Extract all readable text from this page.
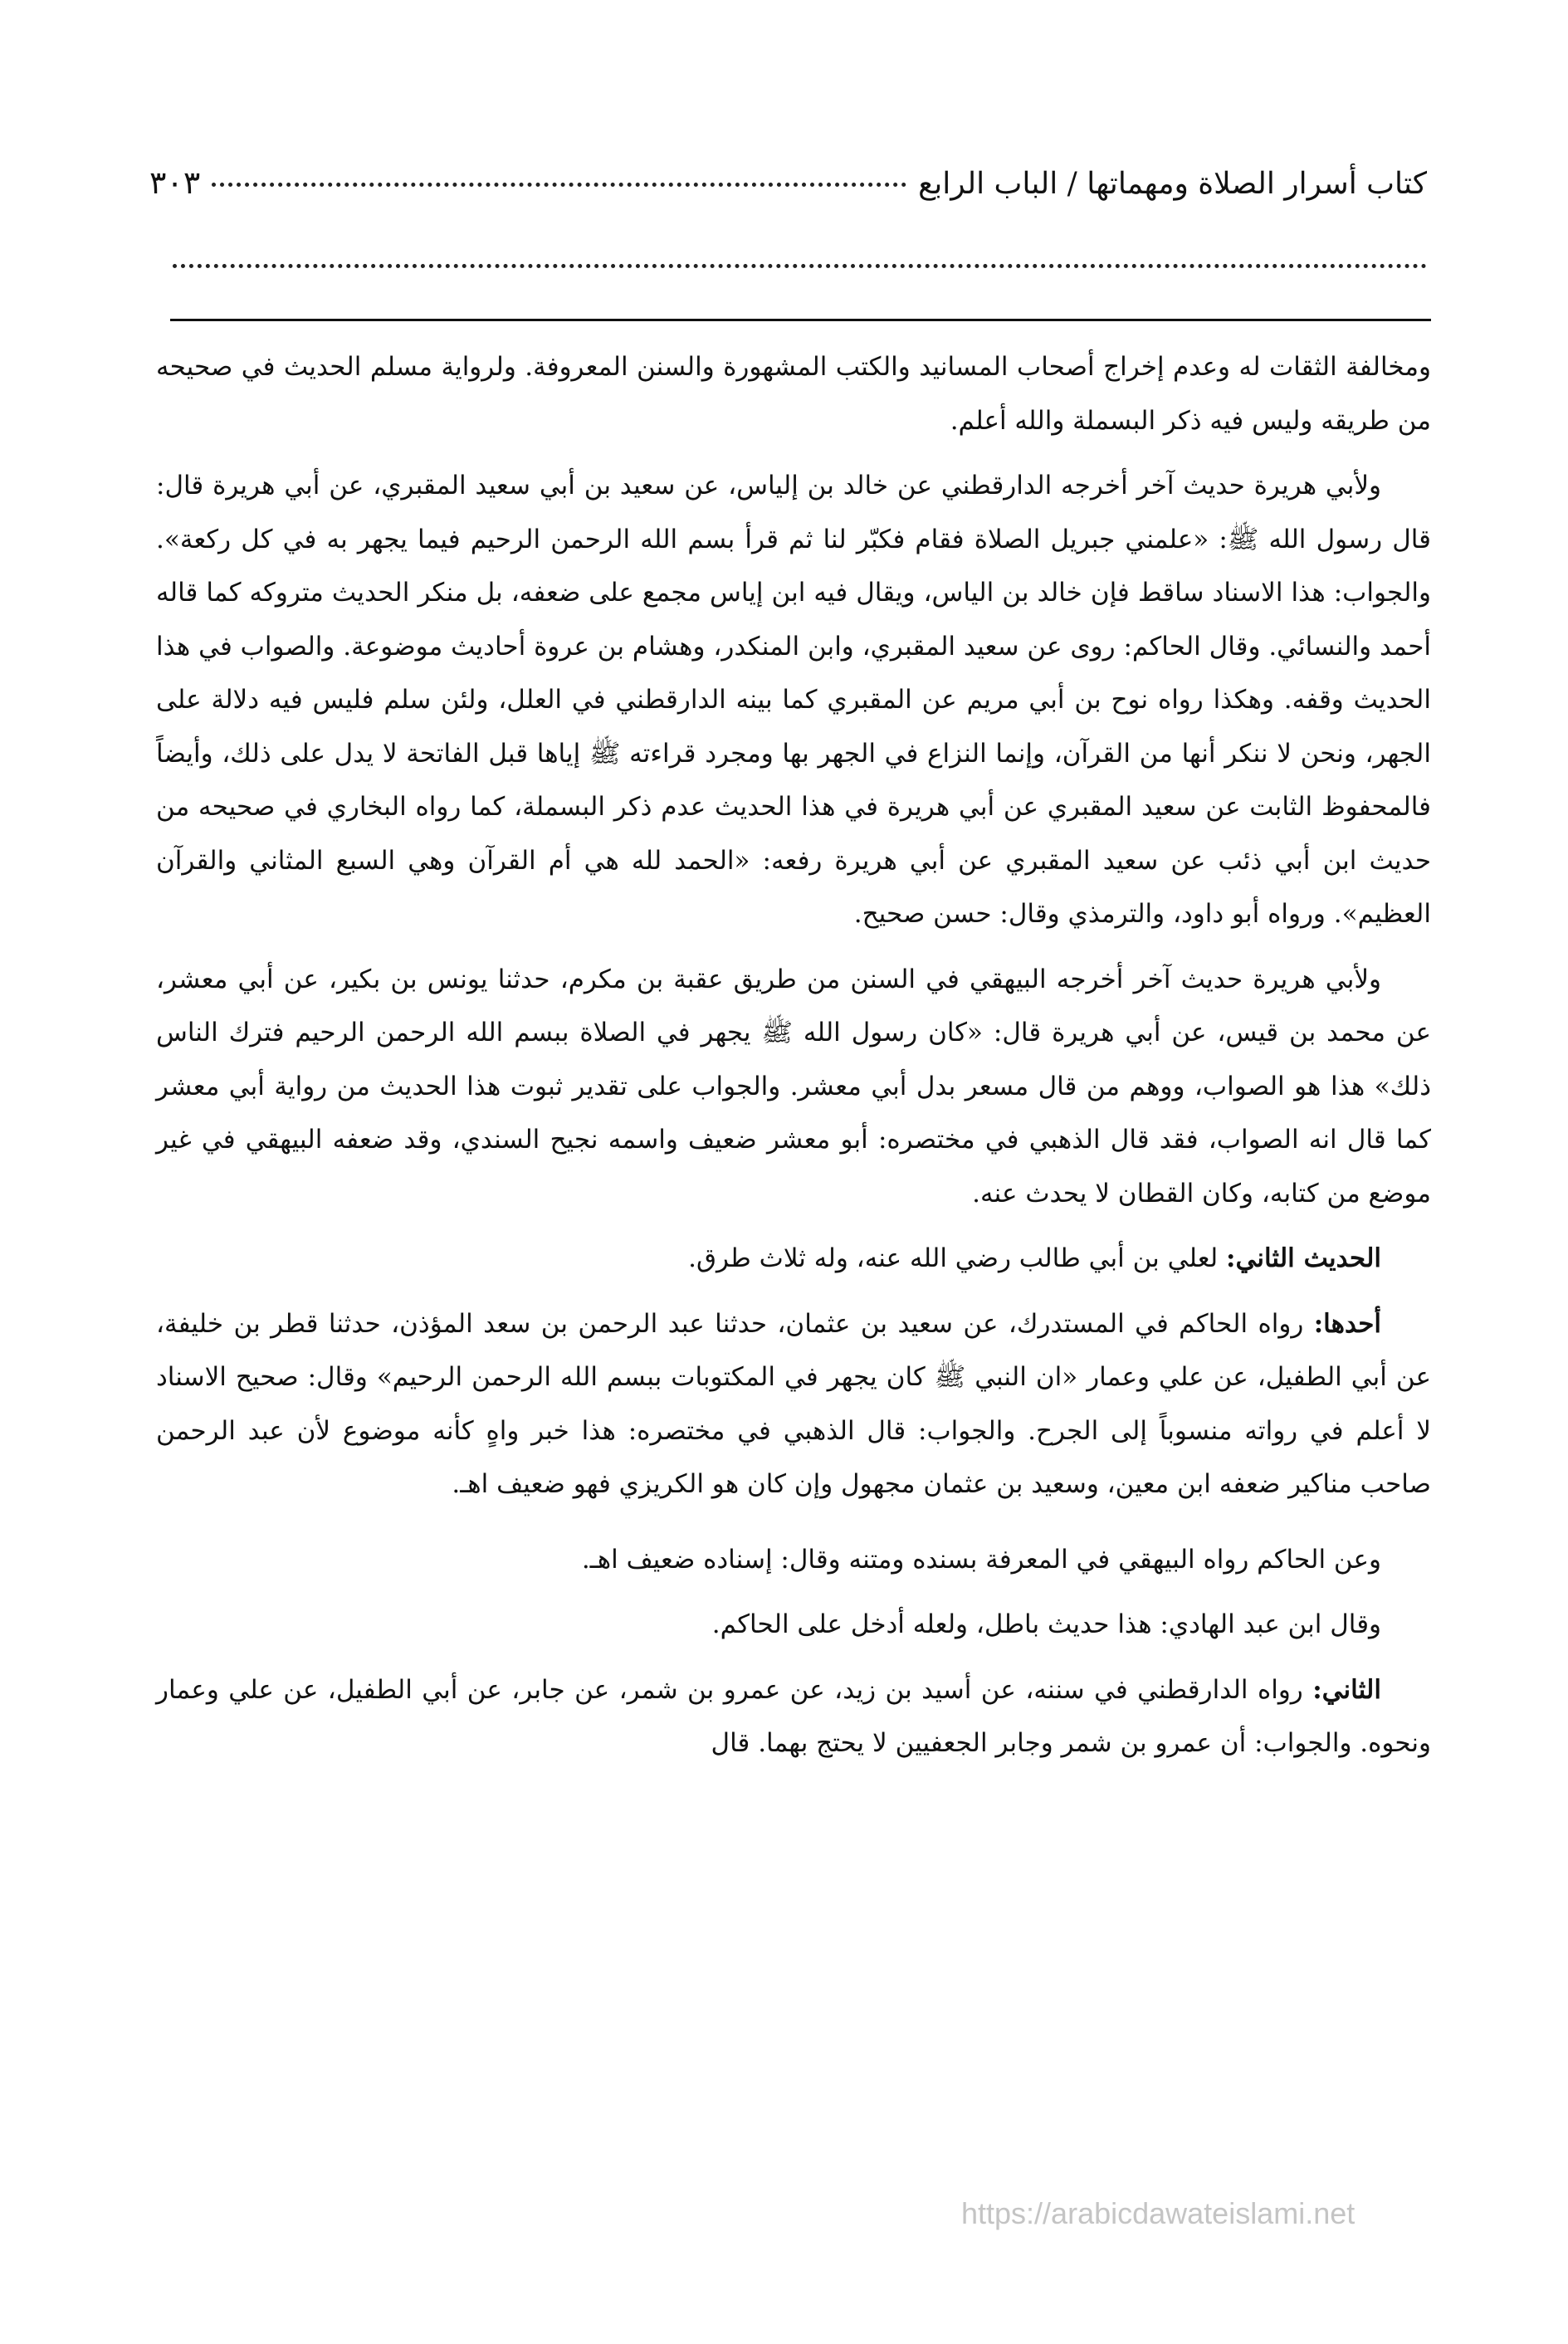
كتاب أسرار الصلاة ومهماتها / الباب الرابع
٣٠٣

ومخالفة الثقات له وعدم إخراج أصحاب المسانيد والكتب المشهورة والسنن المعروفة. ولرواية مسلم الحديث في صحيحه من طريقه وليس فيه ذكر البسملة والله أعلم.

ولأبي هريرة حديث آخر أخرجه الدارقطني عن خالد بن إلياس، عن سعيد بن أبي سعيد المقبري، عن أبي هريرة قال: قال رسول الله ﷺ: «علمني جبريل الصلاة فقام فكبّر لنا ثم قرأ بسم الله الرحمن الرحيم فيما يجهر به في كل ركعة». والجواب: هذا الاسناد ساقط فإن خالد بن الياس، ويقال فيه ابن إياس مجمع على ضعفه، بل منكر الحديث متروكه كما قاله أحمد والنسائي. وقال الحاكم: روى عن سعيد المقبري، وابن المنكدر، وهشام بن عروة أحاديث موضوعة. والصواب في هذا الحديث وقفه. وهكذا رواه نوح بن أبي مريم عن المقبري كما بينه الدارقطني في العلل، ولئن سلم فليس فيه دلالة على الجهر، ونحن لا ننكر أنها من القرآن، وإنما النزاع في الجهر بها ومجرد قراءته ﷺ إياها قبل الفاتحة لا يدل على ذلك، وأيضاً فالمحفوظ الثابت عن سعيد المقبري عن أبي هريرة في هذا الحديث عدم ذكر البسملة، كما رواه البخاري في صحيحه من حديث ابن أبي ذئب عن سعيد المقبري عن أبي هريرة رفعه: «الحمد لله هي أم القرآن وهي السبع المثاني والقرآن العظيم». ورواه أبو داود، والترمذي وقال: حسن صحيح.

ولأبي هريرة حديث آخر أخرجه البيهقي في السنن من طريق عقبة بن مكرم، حدثنا يونس بن بكير، عن أبي معشر، عن محمد بن قيس، عن أبي هريرة قال: «كان رسول الله ﷺ يجهر في الصلاة ببسم الله الرحمن الرحيم فترك الناس ذلك» هذا هو الصواب، ووهم من قال مسعر بدل أبي معشر. والجواب على تقدير ثبوت هذا الحديث من رواية أبي معشر كما قال انه الصواب، فقد قال الذهبي في مختصره: أبو معشر ضعيف واسمه نجيح السندي، وقد ضعفه البيهقي في غير موضع من كتابه، وكان القطان لا يحدث عنه.

الحديث الثاني: لعلي بن أبي طالب رضي الله عنه، وله ثلاث طرق.

أحدها: رواه الحاكم في المستدرك، عن سعيد بن عثمان، حدثنا عبد الرحمن بن سعد المؤذن، حدثنا قطر بن خليفة، عن أبي الطفيل، عن علي وعمار «ان النبي ﷺ كان يجهر في المكتوبات ببسم الله الرحمن الرحيم» وقال: صحيح الاسناد لا أعلم في رواته منسوباً إلى الجرح. والجواب: قال الذهبي في مختصره: هذا خبر واهٍ كأنه موضوع لأن عبد الرحمن صاحب مناكير ضعفه ابن معين، وسعيد بن عثمان مجهول وإن كان هو الكريزي فهو ضعيف اهـ.

وعن الحاكم رواه البيهقي في المعرفة بسنده ومتنه وقال: إسناده ضعيف اهـ.

وقال ابن عبد الهادي: هذا حديث باطل، ولعله أدخل على الحاكم.

الثاني: رواه الدارقطني في سننه، عن أسيد بن زيد، عن عمرو بن شمر، عن جابر، عن أبي الطفيل، عن علي وعمار ونحوه. والجواب: أن عمرو بن شمر وجابر الجعفيين لا يحتج بهما. قال

https://arabicdawateislami.net
